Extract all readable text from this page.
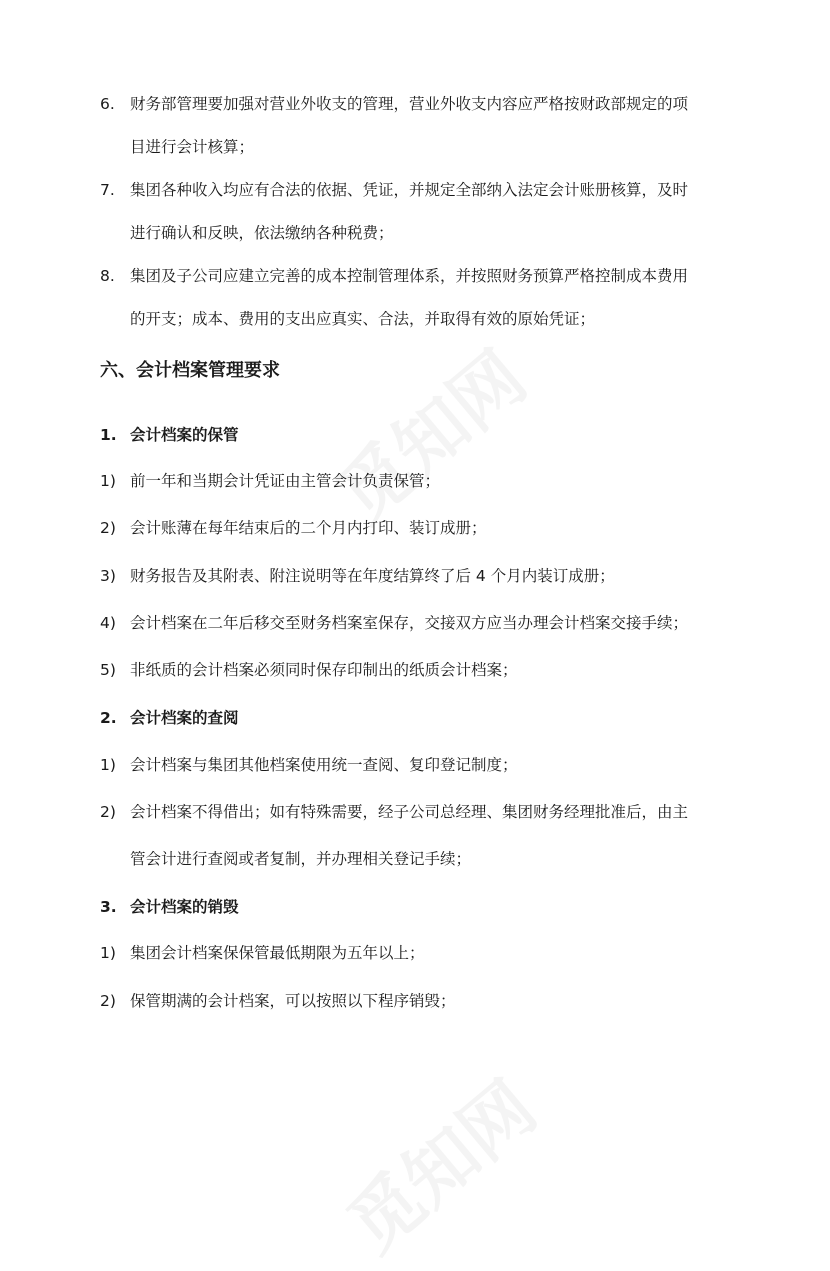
6. 财务部管理要加强对营业外收支的管理，营业外收支内容应严格按财政部规定的项
目进行会计核算；
7. 集团各种收入均应有合法的依据、凭证，并规定全部纳入法定会计账册核算，及时
进行确认和反映，依法缴纳各种税费；
8. 集团及子公司应建立完善的成本控制管理体系，并按照财务预算严格控制成本费用
的开支；成本、费用的支出应真实、合法，并取得有效的原始凭证；
六、会计档案管理要求
1. 会计档案的保管
1) 前一年和当期会计凭证由主管会计负责保管；
2) 会计账薄在每年结束后的二个月内打印、装订成册；
3) 财务报告及其附表、附注说明等在年度结算终了后 4 个月内装订成册；
4) 会计档案在二年后移交至财务档案室保存，交接双方应当办理会计档案交接手续；
5) 非纸质的会计档案必须同时保存印制出的纸质会计档案；
2. 会计档案的查阅
1) 会计档案与集团其他档案使用统一查阅、复印登记制度；
2) 会计档案不得借出；如有特殊需要，经子公司总经理、集团财务经理批准后，由主
管会计进行查阅或者复制，并办理相关登记手续；
3. 会计档案的销毁
1) 集团会计档案保保管最低期限为五年以上；
2) 保管期满的会计档案，可以按照以下程序销毁；
